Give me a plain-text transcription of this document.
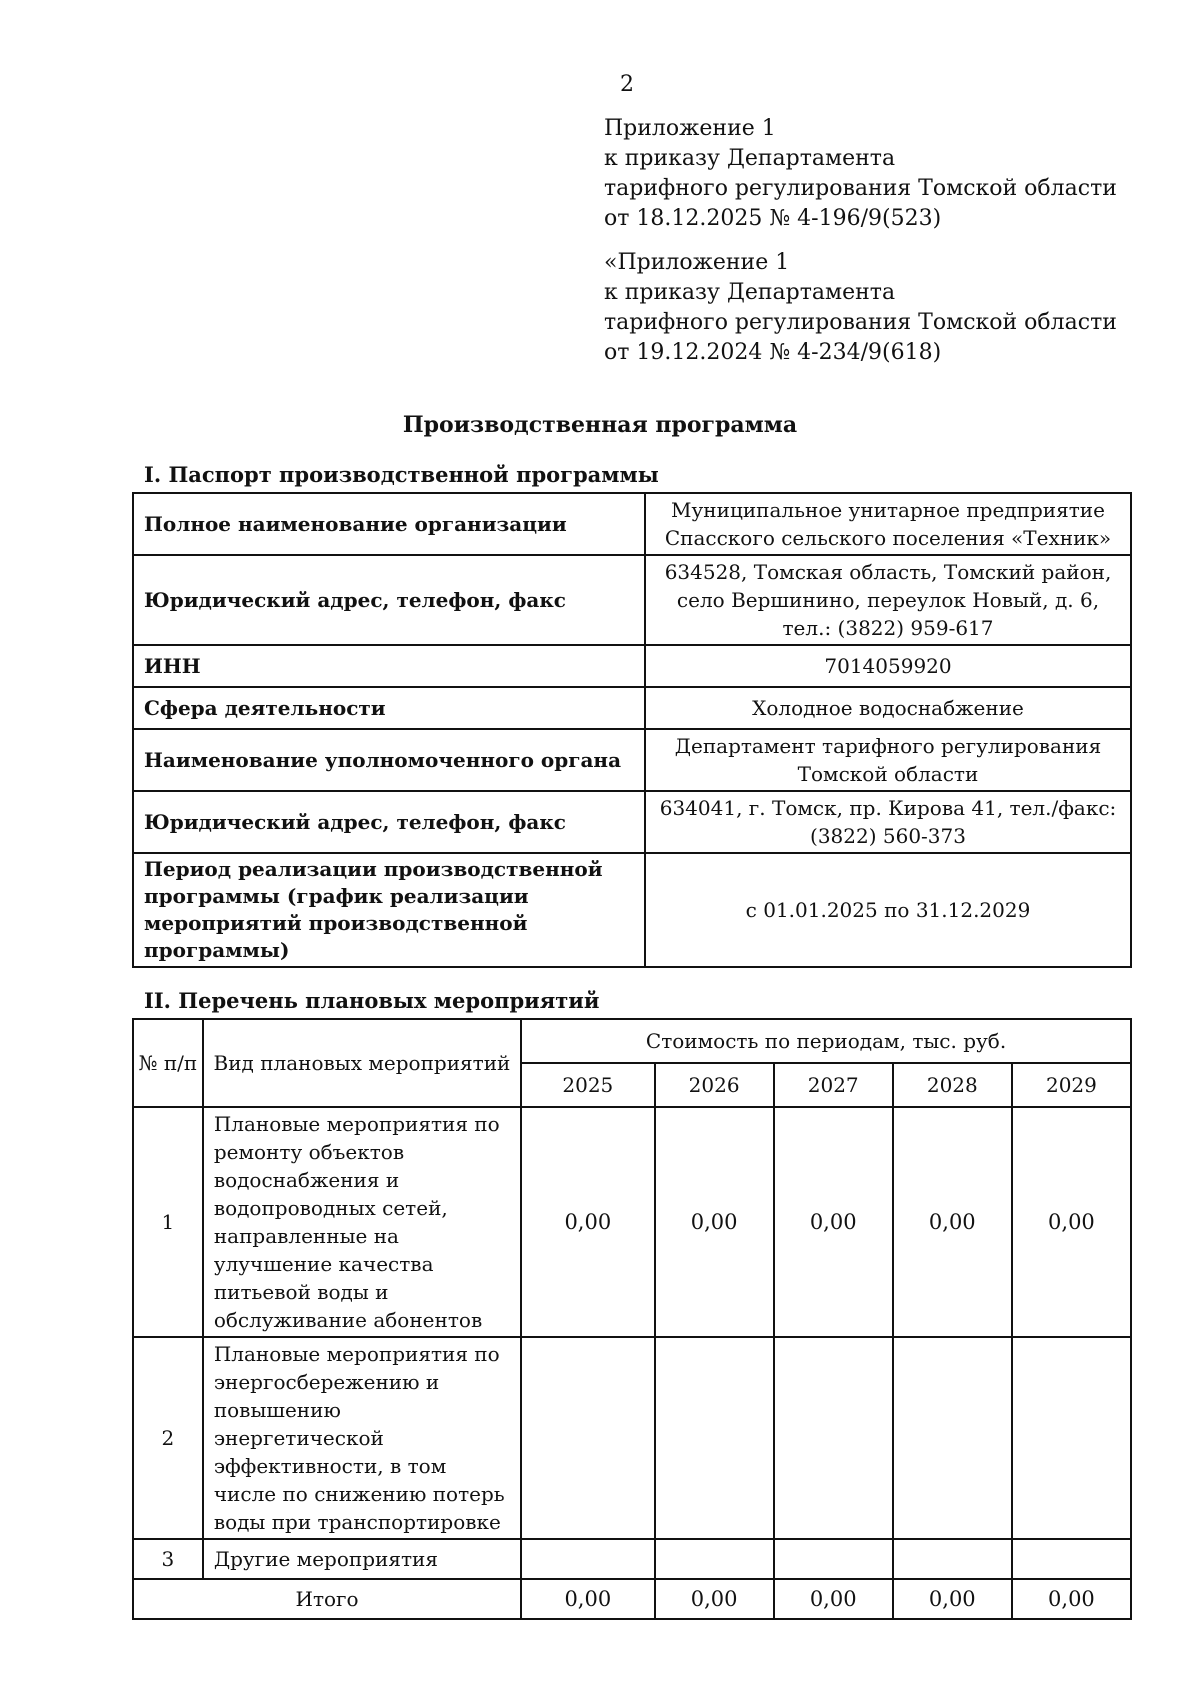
2
Приложение 1
к приказу Департамента
тарифного регулирования Томской области
от 18.12.2025 № 4-196/9(523)
«Приложение 1
к приказу Департамента
тарифного регулирования Томской области
от 19.12.2024 № 4-234/9(618)
Производственная программа
I. Паспорт производственной программы
Полное наименование организации	Муниципальное унитарное предприятие Спасского сельского поселения «Техник»
Юридический адрес, телефон, факс	634528, Томская область, Томский район, село Вершинино, переулок Новый, д. 6, тел.: (3822) 959-617
ИНН	7014059920
Сфера деятельности	Холодное водоснабжение
Наименование уполномоченного органа	Департамент тарифного регулирования Томской области
Юридический адрес, телефон, факс	634041, г. Томск, пр. Кирова 41, тел./факс: (3822) 560-373
Период реализации производственной программы (график реализации мероприятий производственной программы)	с 01.01.2025 по 31.12.2029
II. Перечень плановых мероприятий
№ п/п	Вид плановых мероприятий	Стоимость по периодам, тыс. руб.				
		2025	2026	2027	2028	2029
1	Плановые мероприятия по ремонту объектов водоснабжения и водопроводных сетей, направленные на улучшение качества питьевой воды и обслуживание абонентов	0,00	0,00	0,00	0,00	0,00
2	Плановые мероприятия по энергосбережению и повышению энергетической эффективности, в том числе по снижению потерь воды при транспортировке					
3	Другие мероприятия					
Итого		0,00	0,00	0,00	0,00	0,00
